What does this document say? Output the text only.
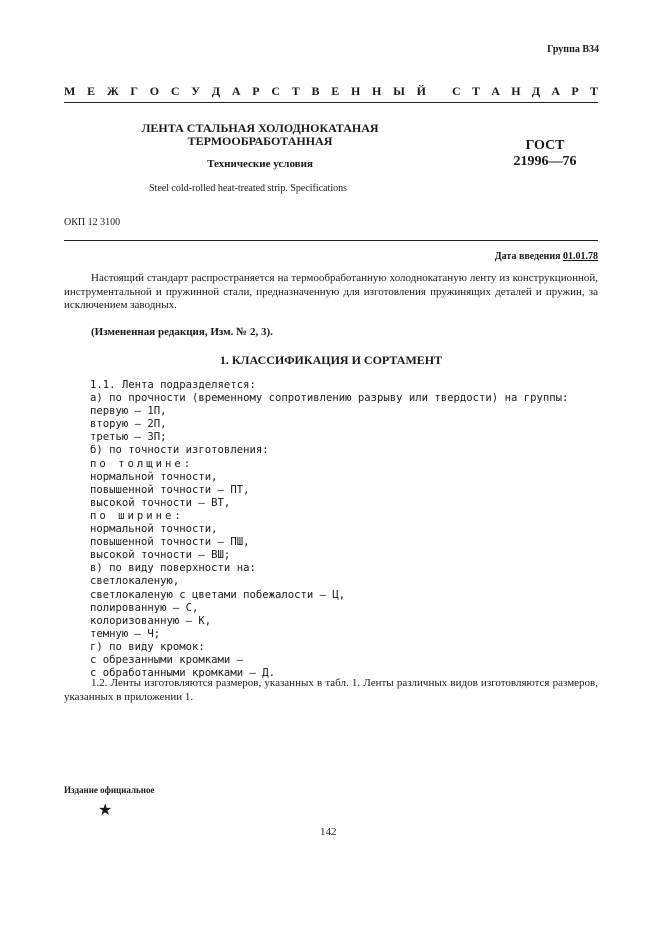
Группа В34
М Е Ж Г О С У Д А Р С Т В Е Н Н Ы Й С Т А Н Д А Р Т
ЛЕНТА СТАЛЬНАЯ ХОЛОДНОКАТАНАЯ
ТЕРМООБРАБОТАННАЯ
Технические условия
ГОСТ
21996—76
Steel cold-rolled heat-treated strip. Specifications
ОКП 12 3100
Дата введения 01.01.78
Настоящий стандарт распространяется на термообработанную холоднокатаную ленту из конструкционной, инструментальной и пружинной стали, предназначенную для изготовления пружинящих деталей и пружин, за исключением заводных.
(Измененная редакция, Изм. № 2, 3).
1. КЛАССИФИКАЦИЯ И СОРТАМЕНТ
1.1. Лента подразделяется:
а) по прочности (временному сопротивлению разрыву или твердости) на группы:
первую — 1П,
вторую — 2П,
третью — 3П;
б) по точности изготовления:
по толщине:
нормальной точности,
повышенной точности — ПТ,
высокой точности — ВТ,
по ширине:
нормальной точности,
повышенной точности — ПШ,
высокой точности — ВШ;
в) по виду поверхности на:
светлокаленую,
светлокаленую с цветами побежалости — Ц,
полированную — С,
колоризованную — К,
темную — Ч;
г) по виду кромок:
с обрезанными кромками —
с обработанными кромками — Д.
1.2. Ленты изготовляются размеров, указанных в табл. 1. Ленты различных видов изготовляются размеров, указанных в приложении 1.
Издание официальное
★
142
